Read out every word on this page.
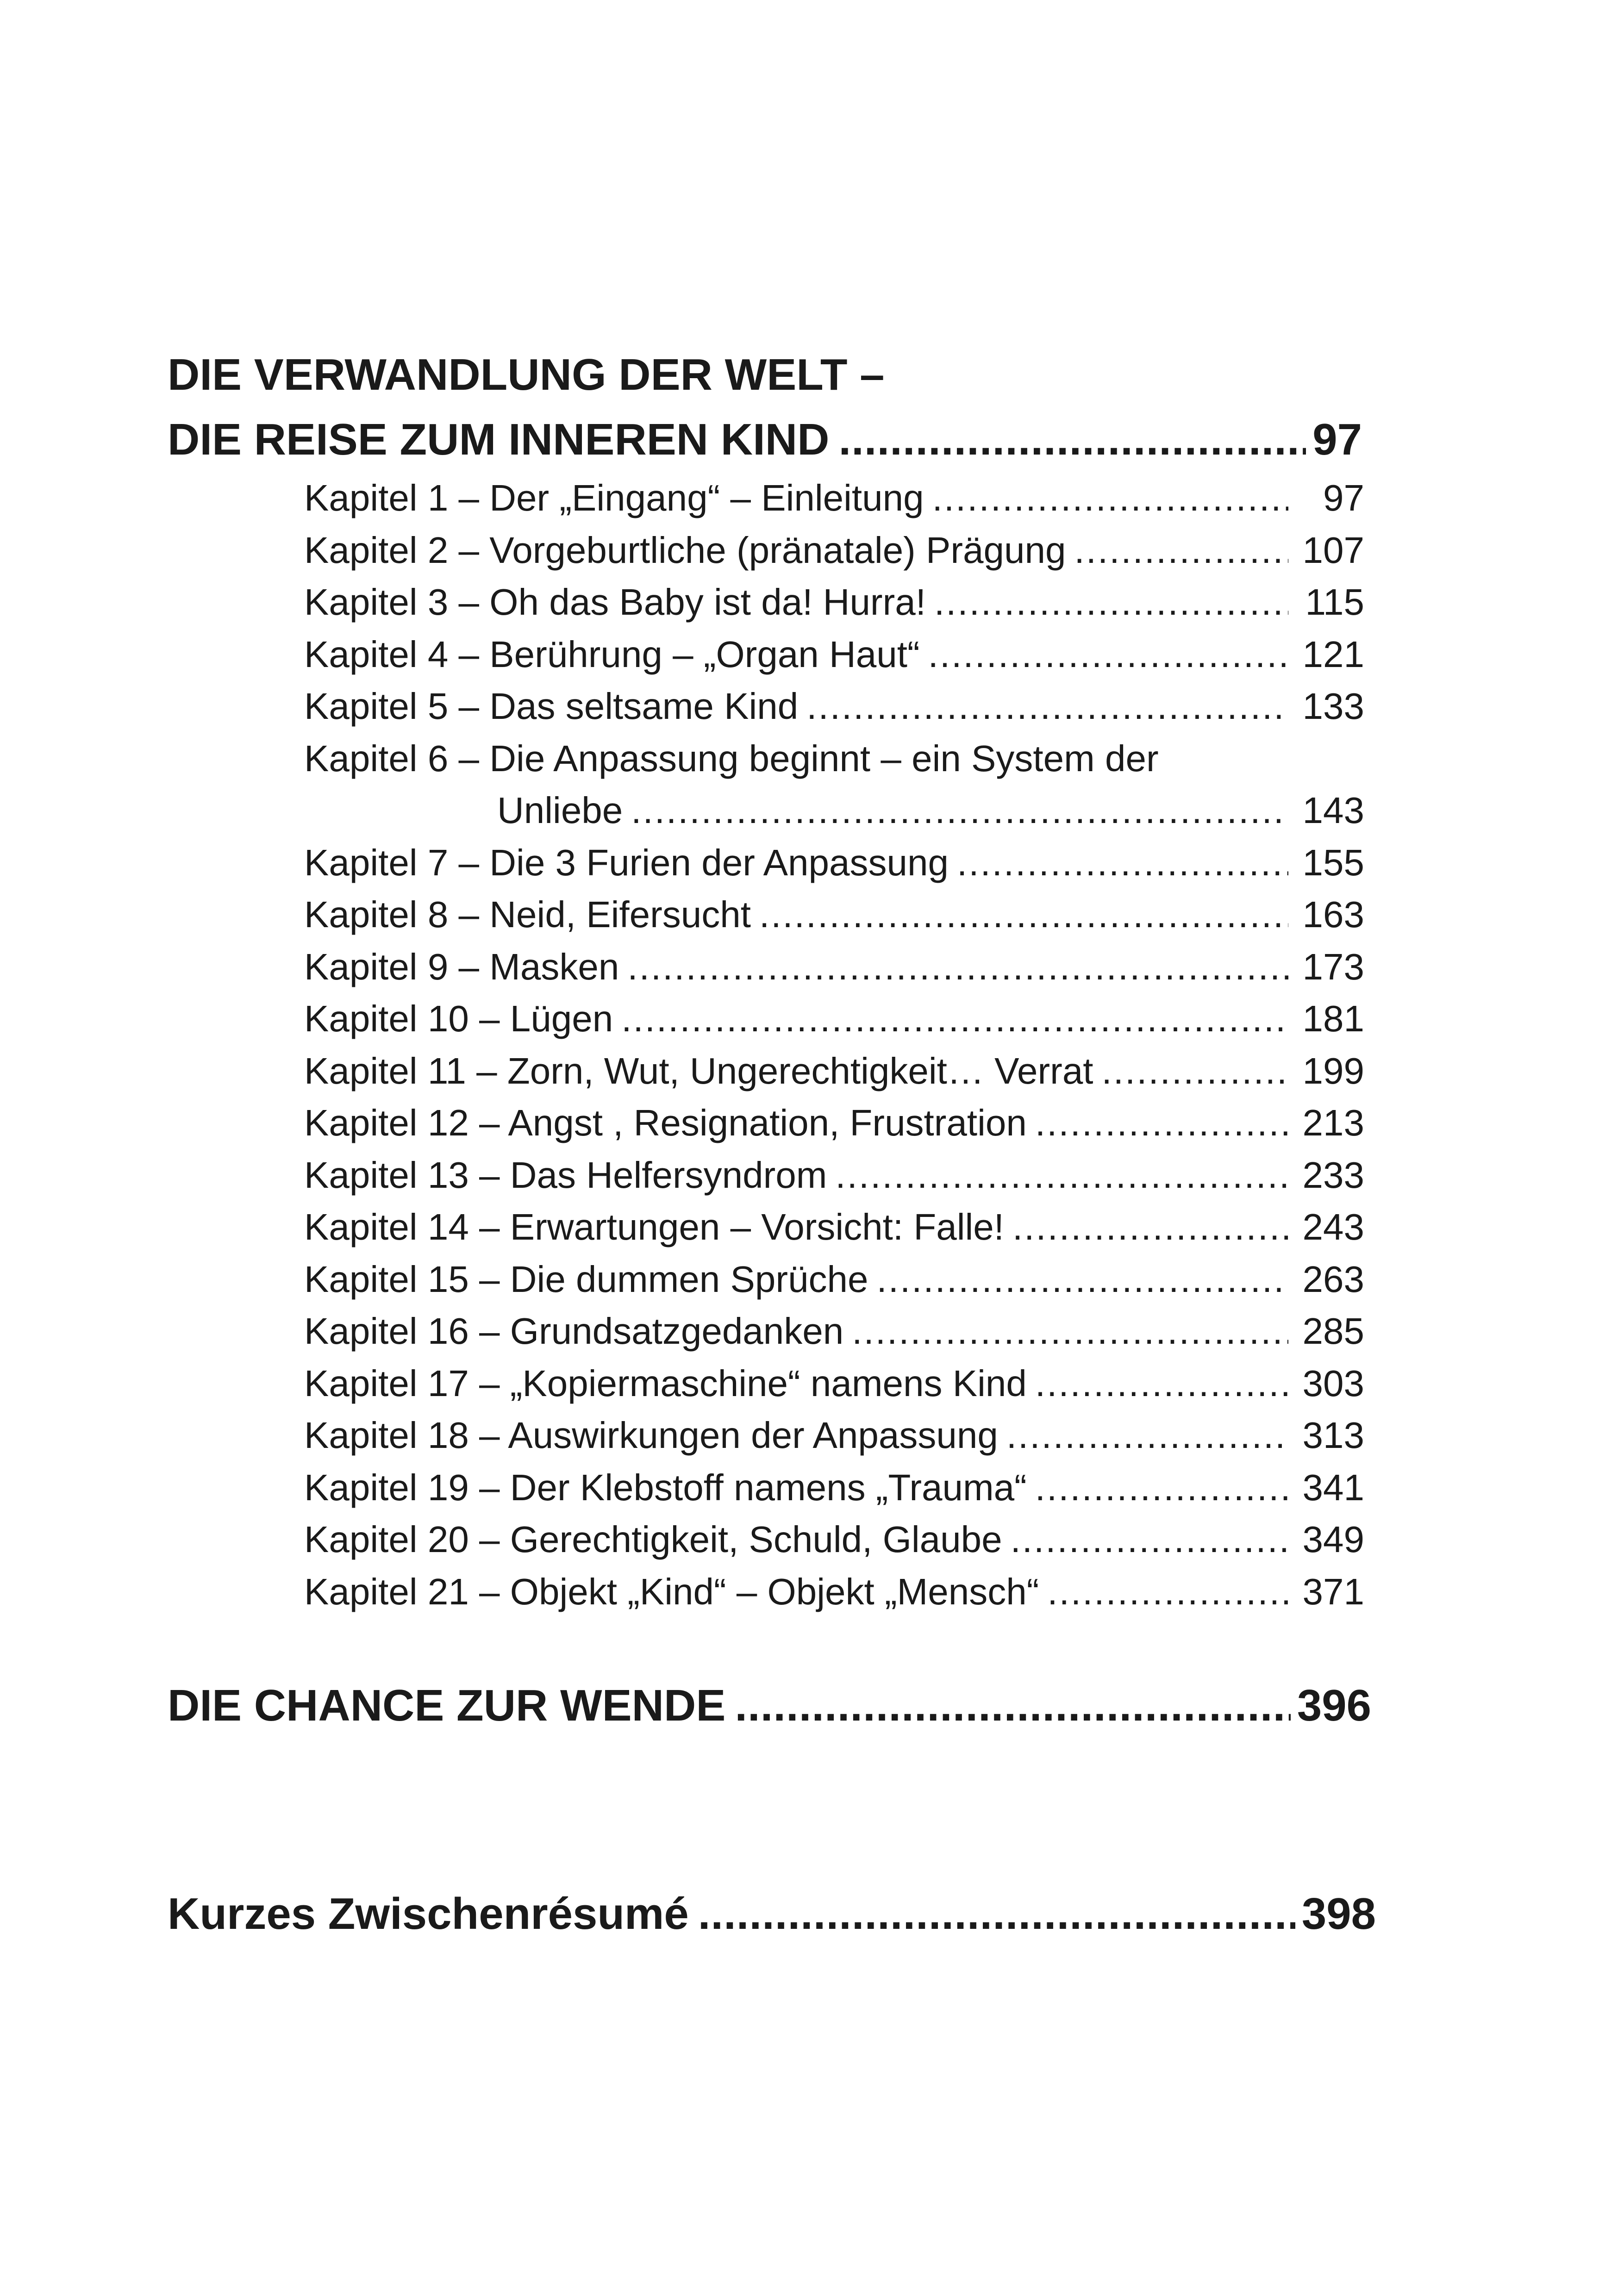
DIE VERWANDLUNG DER WELT –
DIE REISE ZUM INNEREN KIND .....	97
Kapitel 1 – Der „Eingang“ – Einleitung .....	97
Kapitel 2 – Vorgeburtliche (pränatale) Prägung .....	107
Kapitel 3 – Oh das Baby ist da! Hurra! .....	115
Kapitel 4 – Berührung – „Organ Haut“ .....	121
Kapitel 5 – Das seltsame Kind .....	133
Kapitel 6 – Die Anpassung beginnt – ein System der
Unliebe .....	143
Kapitel 7 – Die 3 Furien der Anpassung .....	155
Kapitel 8 – Neid, Eifersucht .....	163
Kapitel 9 – Masken .....	173
Kapitel 10 – Lügen .....	181
Kapitel 11 – Zorn, Wut, Ungerechtigkeit… Verrat .....	199
Kapitel 12 – Angst , Resignation, Frustration .....	213
Kapitel 13 – Das Helfersyndrom .....	233
Kapitel 14 – Erwartungen – Vorsicht: Falle! .....	243
Kapitel 15 – Die dummen Sprüche .....	263
Kapitel 16 – Grundsatzgedanken .....	285
Kapitel 17 – „Kopiermaschine“ namens Kind .....	303
Kapitel 18 – Auswirkungen der Anpassung .....	313
Kapitel 19 – Der Klebstoff namens „Trauma“ .....	341
Kapitel 20 – Gerechtigkeit, Schuld, Glaube .....	349
Kapitel 21 – Objekt „Kind“ – Objekt „Mensch“ .....	371
DIE CHANCE ZUR WENDE .....	396
Kurzes Zwischenrésumé .....	398
